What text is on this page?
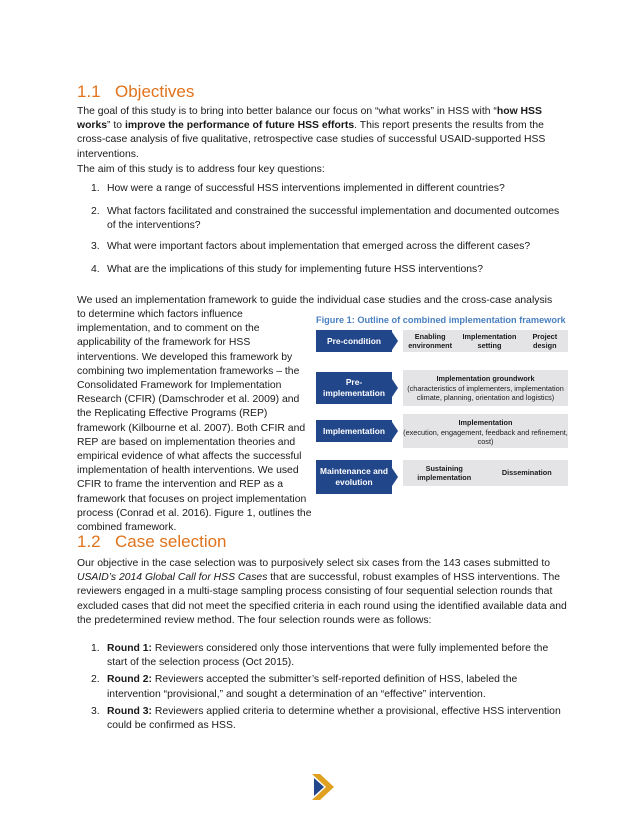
1.1 Objectives

The goal of this study is to bring into better balance our focus on “what works” in HSS with “how HSS works” to improve the performance of future HSS efforts. This report presents the results from the cross-case analysis of five qualitative, retrospective case studies of successful USAID-supported HSS interventions.

The aim of this study is to address four key questions:

1. How were a range of successful HSS interventions implemented in different countries?
2. What factors facilitated and constrained the successful implementation and documented outcomes of the interventions?
3. What were important factors about implementation that emerged across the different cases?
4. What are the implications of this study for implementing future HSS interventions?

We used an implementation framework to guide the individual case studies and the cross-case analysis

to determine which factors influence implementation, and to comment on the applicability of the framework for HSS interventions. We developed this framework by combining two implementation frameworks – the Consolidated Framework for Implementation Research (CFIR) (Damschroder et al. 2009) and the Replicating Effective Programs (REP) framework (Kilbourne et al. 2007). Both CFIR and REP are based on implementation theories and empirical evidence of what affects the successful implementation of health interventions. We used CFIR to frame the intervention and REP as a framework that focuses on project implementation process (Conrad et al. 2016). Figure 1, outlines the combined framework.

Figure 1: Outline of combined implementation framework
Pre-condition	Enabling environment
Implementation setting
Project design
Pre-implementation
Implementation groundwork
(characteristics of implementers, implementation climate, planning, orientation and logistics)
Implementation
Implementation
(execution, engagement, feedback and refinement, cost)
Maintenance and evolution
Sustaining implementation
Dissemination
1.2 Case selection

Our objective in the case selection was to purposively select six cases from the 143 cases submitted to USAID’s 2014 Global Call for HSS Cases that are successful, robust examples of HSS interventions. The reviewers engaged in a multi-stage sampling process consisting of four sequential selection rounds that excluded cases that did not meet the specified criteria in each round using the identified available data and the predetermined review method. The four selection rounds were as follows:

1. Round 1: Reviewers considered only those interventions that were fully implemented before the start of the selection process (Oct 2015).
2. Round 2: Reviewers accepted the submitter’s self-reported definition of HSS, labeled the intervention “provisional,” and sought a determination of an “effective” intervention.
3. Round 3: Reviewers applied criteria to determine whether a provisional, effective HSS intervention could be confirmed as HSS.
